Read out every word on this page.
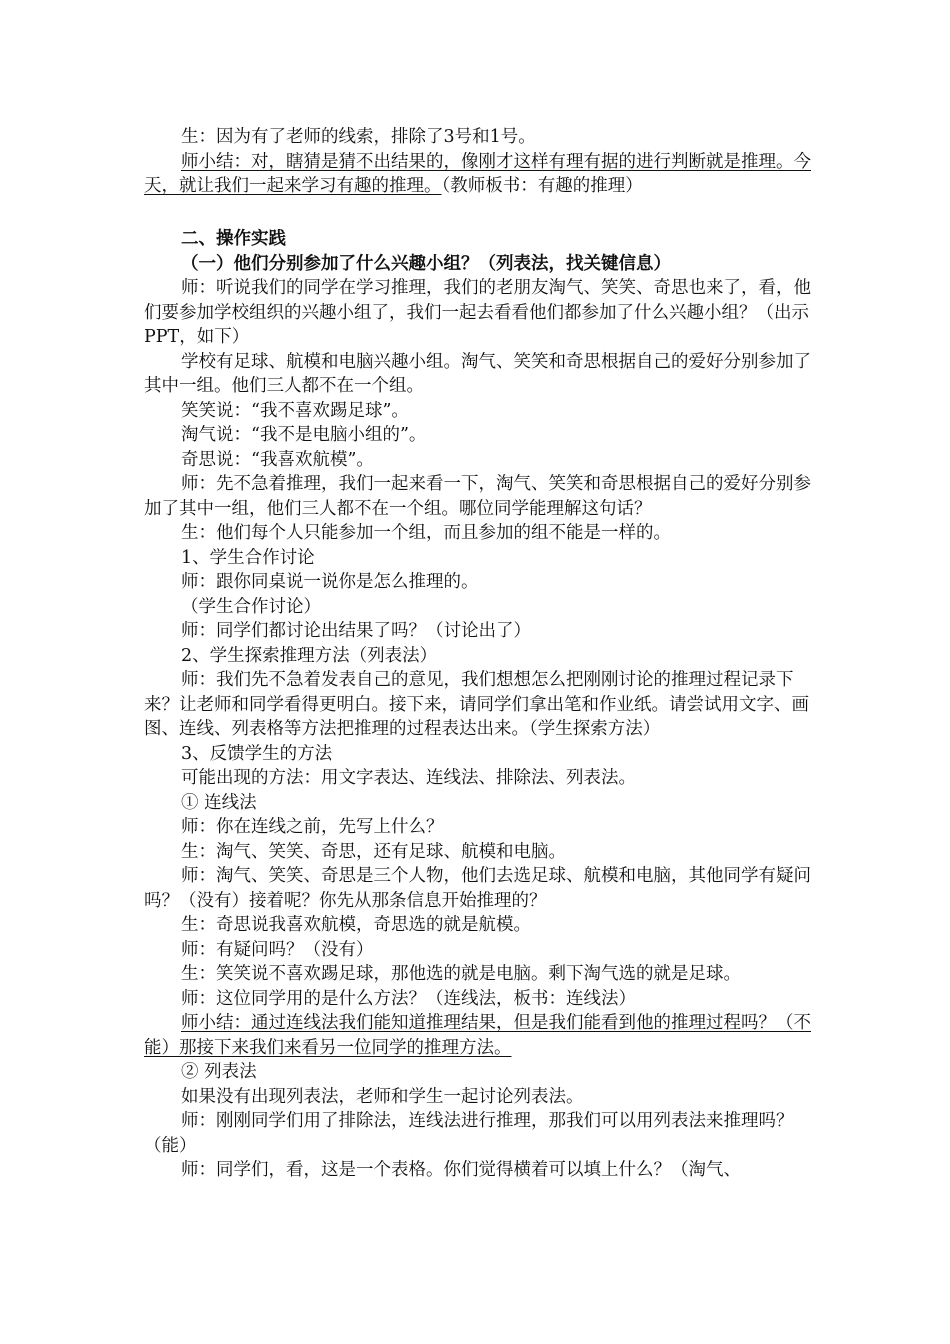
生：因为有了老师的线索，排除了3号和1号。

师小结：对，瞎猜是猜不出结果的，像刚才这样有理有据的进行判断就是推理。今天，就让我们一起来学习有趣的推理。（教师板书：有趣的推理）

二、操作实践

（一）他们分别参加了什么兴趣小组？（列表法，找关键信息）

师：听说我们的同学在学习推理，我们的老朋友淘气、笑笑、奇思也来了，看，他们要参加学校组织的兴趣小组了，我们一起去看看他们都参加了什么兴趣小组？（出示PPT，如下）

学校有足球、航模和电脑兴趣小组。淘气、笑笑和奇思根据自己的爱好分别参加了其中一组。他们三人都不在一个组。

笑笑说：“我不喜欢踢足球”。

淘气说：“我不是电脑小组的”。

奇思说：“我喜欢航模”。

师：先不急着推理，我们一起来看一下，淘气、笑笑和奇思根据自己的爱好分别参加了其中一组，他们三人都不在一个组。哪位同学能理解这句话？

生：他们每个人只能参加一个组，而且参加的组不能是一样的。

1、学生合作讨论

师：跟你同桌说一说你是怎么推理的。

（学生合作讨论）

师：同学们都讨论出结果了吗？（讨论出了）

2、学生探索推理方法（列表法）

师：我们先不急着发表自己的意见，我们想想怎么把刚刚讨论的推理过程记录下来？让老师和同学看得更明白。接下来，请同学们拿出笔和作业纸。请尝试用文字、画图、连线、列表格等方法把推理的过程表达出来。（学生探索方法）

3、反馈学生的方法

可能出现的方法：用文字表达、连线法、排除法、列表法。

① 连线法

师：你在连线之前，先写上什么？

生：淘气、笑笑、奇思，还有足球、航模和电脑。

师：淘气、笑笑、奇思是三个人物，他们去选足球、航模和电脑，其他同学有疑问吗？（没有）接着呢？你先从那条信息开始推理的？

生：奇思说我喜欢航模，奇思选的就是航模。

师：有疑问吗？（没有）

生：笑笑说不喜欢踢足球，那他选的就是电脑。剩下淘气选的就是足球。

师：这位同学用的是什么方法？（连线法，板书：连线法）

师小结：通过连线法我们能知道推理结果，但是我们能看到他的推理过程吗？（不能）那接下来我们来看另一位同学的推理方法。

② 列表法

如果没有出现列表法，老师和学生一起讨论列表法。

师：刚刚同学们用了排除法，连线法进行推理，那我们可以用列表法来推理吗？（能）

师：同学们，看，这是一个表格。你们觉得横着可以填上什么？（淘气、
